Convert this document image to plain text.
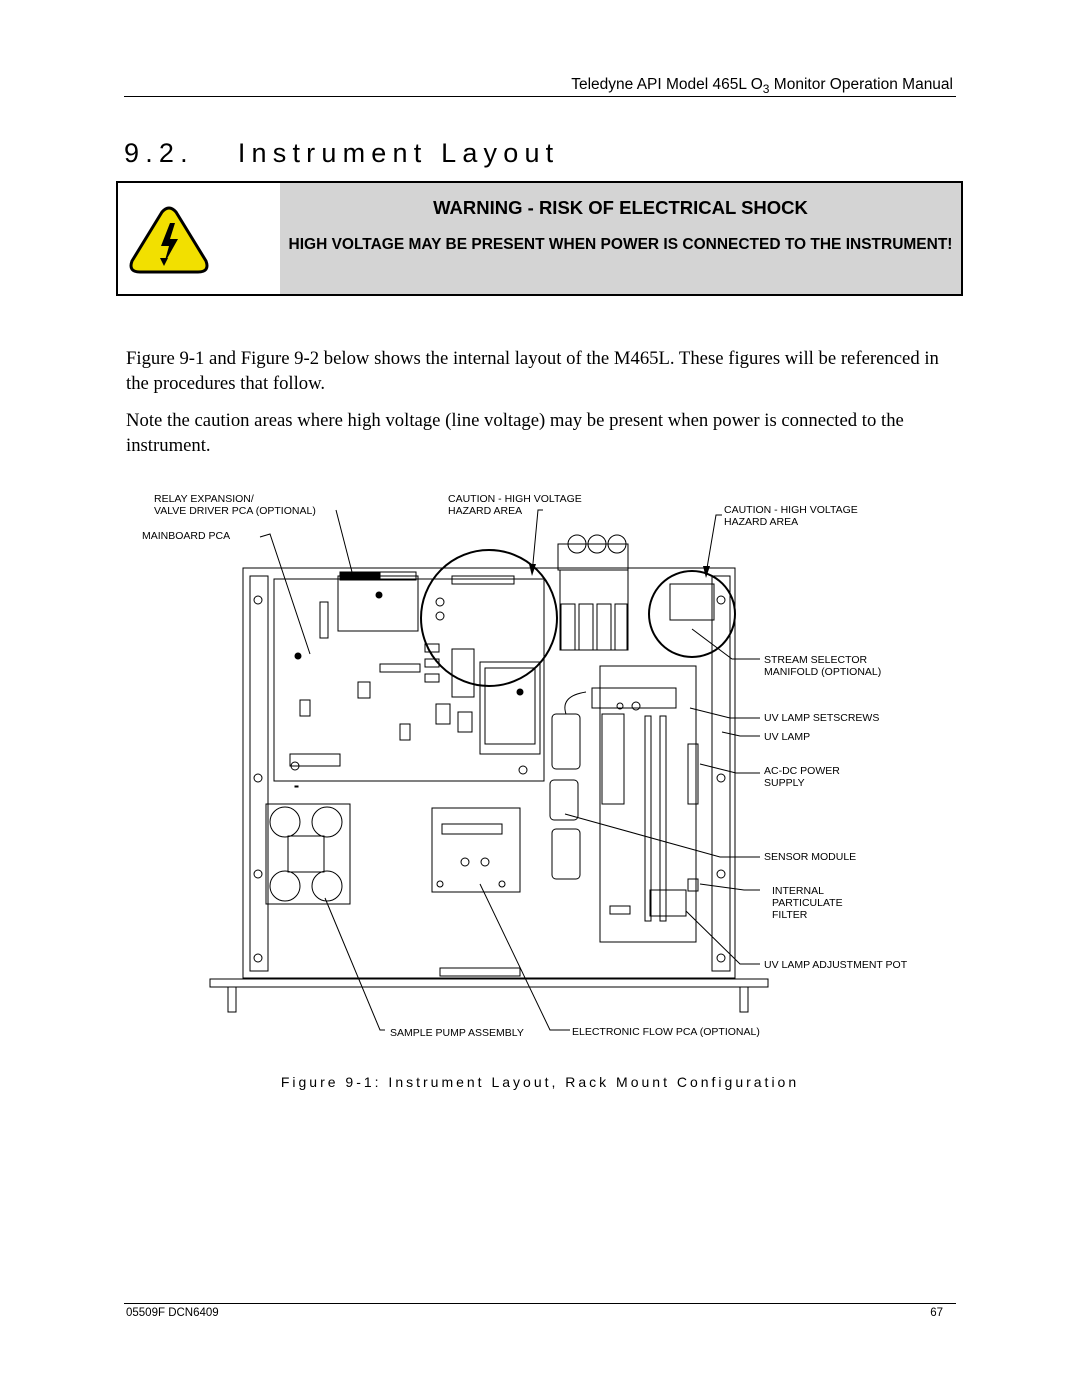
Teledyne API Model 465L $O_3$ Monitor Operation Manual
9.2. Instrument Layout
WARNING - RISK OF ELECTRICAL SHOCK
HIGH VOLTAGE MAY BE PRESENT WHEN POWER IS CONNECTED TO THE INSTRUMENT!
Figure 9-1 and Figure 9-2 below shows the internal layout of the M465L. These figures will be referenced in the procedures that follow.
Note the caution areas where high voltage (line voltage) may be present when power is connected to the instrument.
RELAY EXPANSION/
VALVE DRIVER PCA (OPTIONAL)
CAUTION - HIGH VOLTAGE
HAZARD AREA	CAUTION - HIGH VOLTAGE
HAZARD AREA
MAINBOARD PCA
STREAM SELECTOR
MANIFOLD (OPTIONAL)
UV LAMP SETSCREWS
UV LAMP
AC-DC POWER
SUPPLY
SENSOR MODULE
INTERNAL
PARTICULATE
FILTER
UV LAMP ADJUSTMENT POT
SAMPLE PUMP ASSEMBLY	ELECTRONIC FLOW PCA (OPTIONAL)
Figure 9-1: Instrument Layout, Rack Mount Configuration
05509F DCN6409	67
